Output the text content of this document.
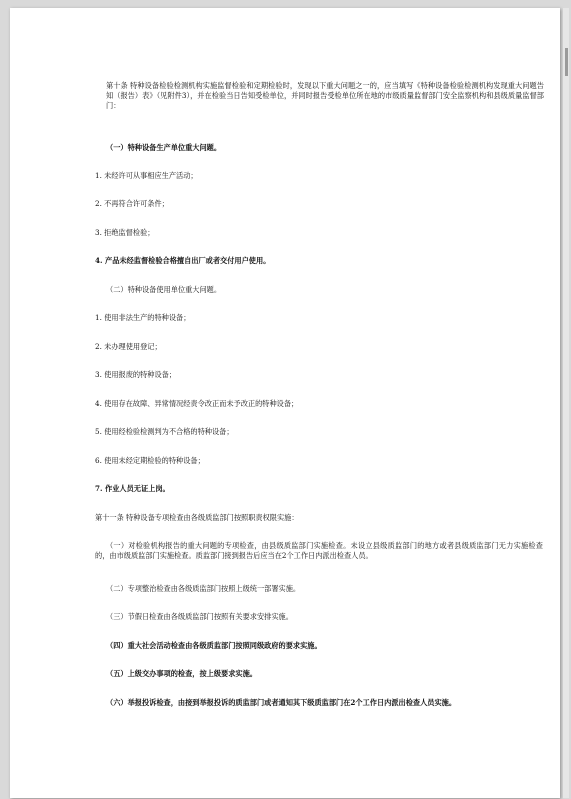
第十条 特种设备检验检测机构实施监督检验和定期检验时，发现以下重大问题之一的，应当填写《特种设备检验检测机构发现重大问题告知（报告）表》（见附件3），并在检验当日告知受检单位，并同时报告受检单位所在地的市级质量监督部门安全监察机构和县级质量监督部门：
（一）特种设备生产单位重大问题。
1. 未经许可从事相应生产活动；
2. 不再符合许可条件；
3. 拒绝监督检验；
4. 产品未经监督检验合格擅自出厂或者交付用户使用。
（二）特种设备使用单位重大问题。
1. 使用非法生产的特种设备；
2. 未办理使用登记；
3. 使用报废的特种设备；
4. 使用存在故障、异常情况经责令改正而未予改正的特种设备；
5. 使用经检验检测判为不合格的特种设备；
6. 使用未经定期检验的特种设备；
7. 作业人员无证上岗。
第十一条 特种设备专项检查由各级质监部门按照职责权限实施：
（一）对检验机构报告的重大问题的专项检查，由县级质监部门实施检查。未设立县级质监部门的地方或者县级质监部门无力实施检查的，由市级质监部门实施检查。质监部门接到报告后应当在2个工作日内派出检查人员。
（二）专项整治检查由各级质监部门按照上级统一部署实施。
（三）节假日检查由各级质监部门按照有关要求安排实施。
（四）重大社会活动检查由各级质监部门按照同级政府的要求实施。
（五）上级交办事项的检查，按上级要求实施。
（六）举报投诉检查，由接到举报投诉的质监部门或者通知其下级质监部门在2个工作日内派出检查人员实施。
